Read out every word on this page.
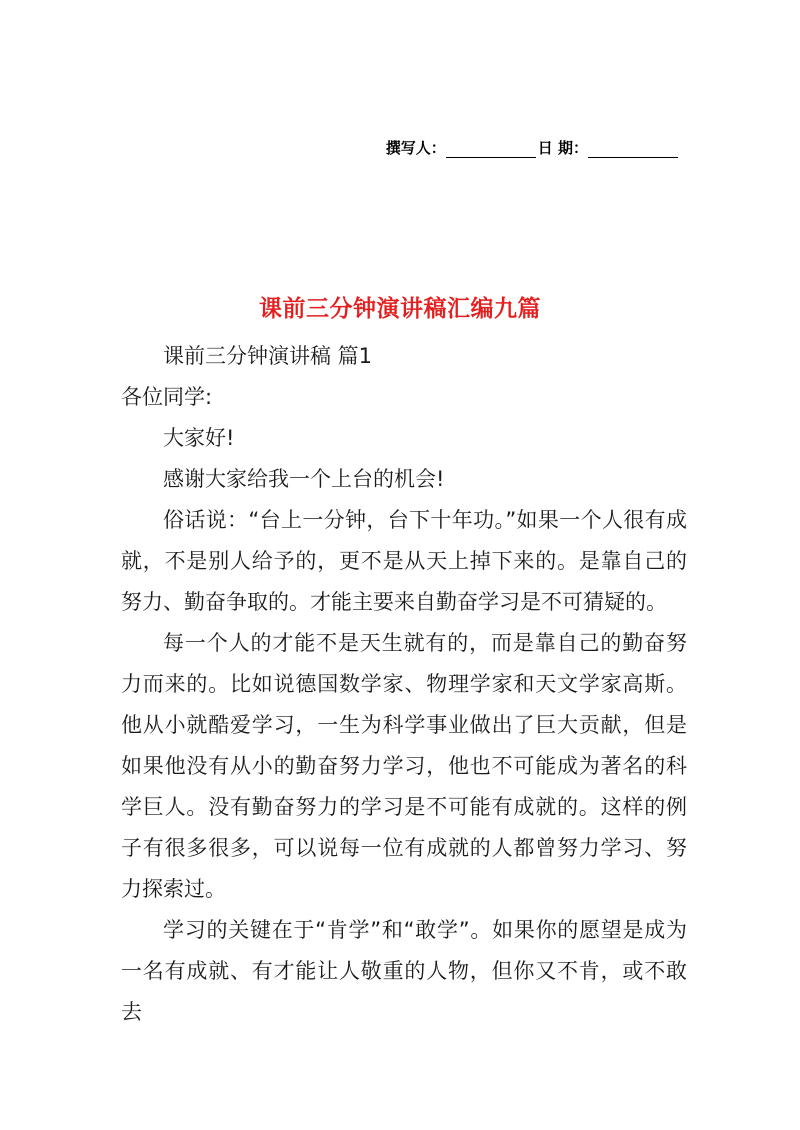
撰写人：	日 期：
课前三分钟演讲稿汇编九篇

课前三分钟演讲稿 篇1

各位同学:

大家好!

感谢大家给我一个上台的机会!

俗话说：“台上一分钟，台下十年功。”如果一个人很有成就，不是别人给予的，更不是从天上掉下来的。是靠自己的努力、勤奋争取的。才能主要来自勤奋学习是不可猜疑的。

每一个人的才能不是天生就有的，而是靠自己的勤奋努力而来的。比如说德国数学家、物理学家和天文学家高斯。他从小就酷爱学习，一生为科学事业做出了巨大贡献，但是如果他没有从小的勤奋努力学习，他也不可能成为著名的科学巨人。没有勤奋努力的学习是不可能有成就的。这样的例子有很多很多，可以说每一位有成就的人都曾努力学习、努力探索过。

学习的关键在于“肯学”和“敢学”。如果你的愿望是成为一名有成就、有才能让人敬重的人物，但你又不肯，或不敢去
